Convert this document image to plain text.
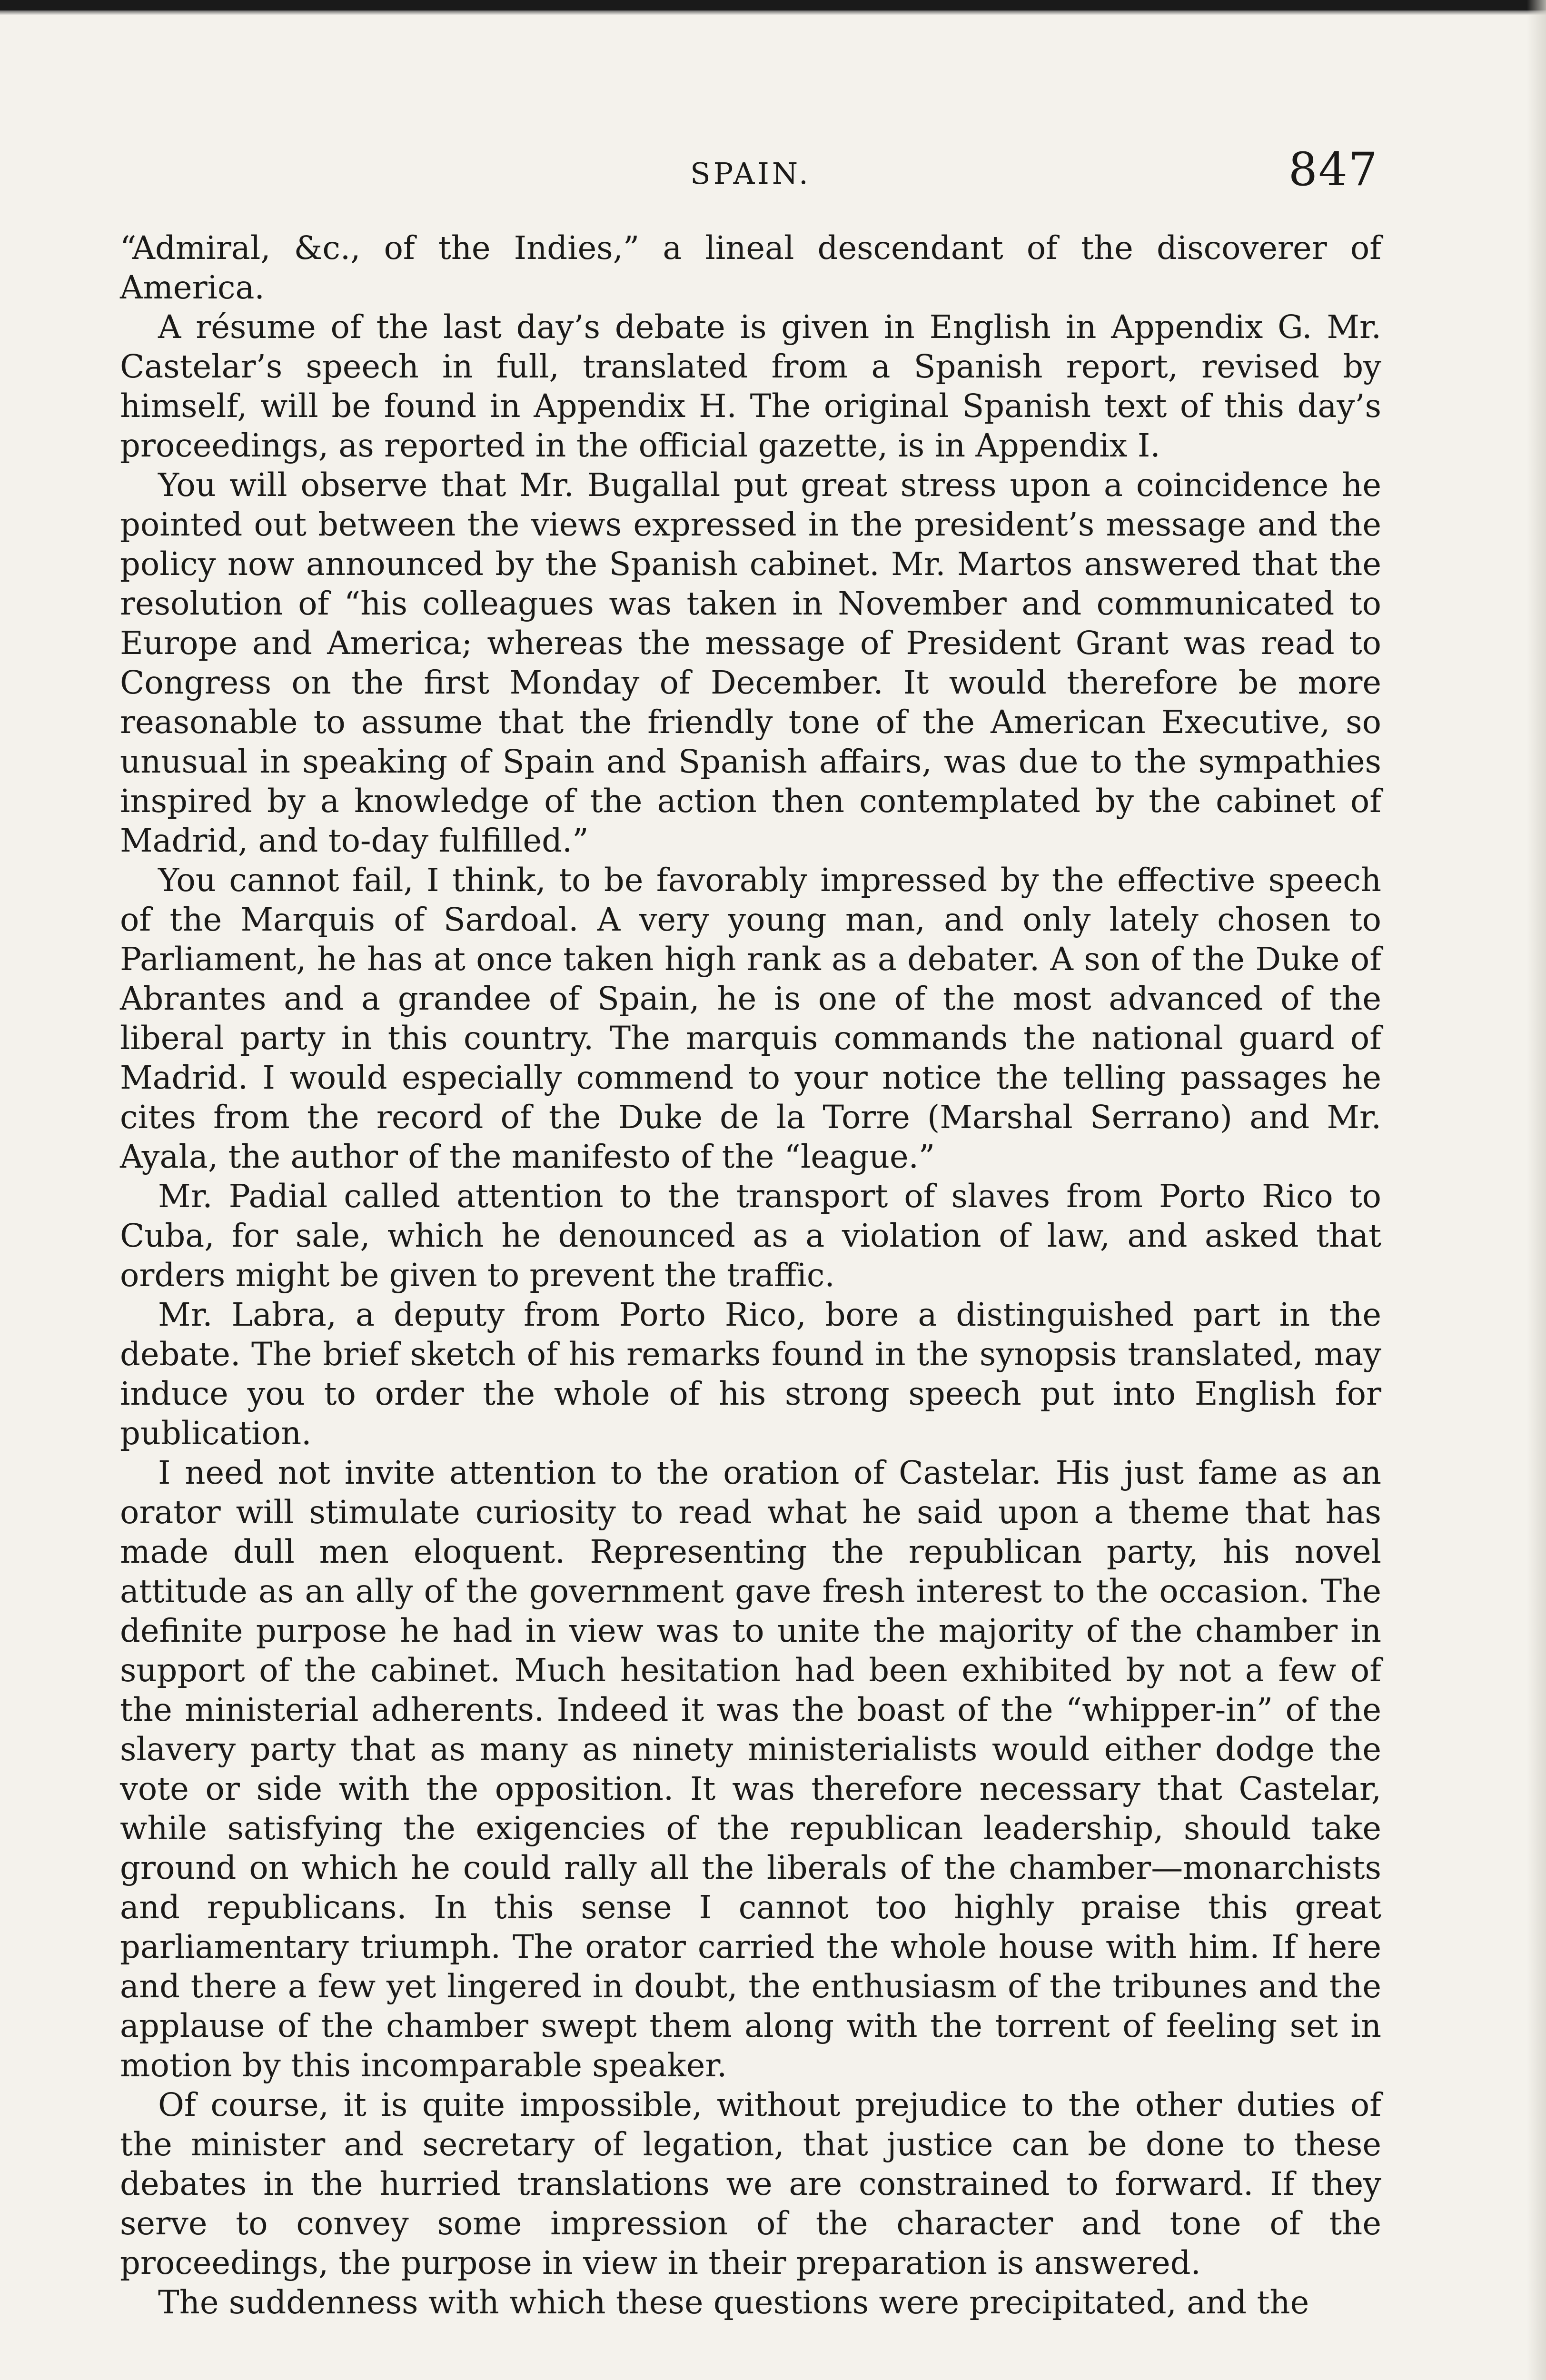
SPAIN.	847

“Admiral, &c., of the Indies,” a lineal descendant of the discoverer of America.

A résume of the last day’s debate is given in English in Appendix G. Mr. Castelar’s speech in full, translated from a Spanish report, revised by himself, will be found in Appendix H. The original Spanish text of this day’s proceedings, as reported in the official gazette, is in Appendix I.

You will observe that Mr. Bugallal put great stress upon a coincidence he pointed out between the views expressed in the president’s message and the policy now announced by the Spanish cabinet. Mr. Martos answered that the resolution of “his colleagues was taken in November and communicated to Europe and America; whereas the message of President Grant was read to Congress on the first Monday of December. It would therefore be more reasonable to assume that the friendly tone of the American Executive, so unusual in speaking of Spain and Spanish affairs, was due to the sympathies inspired by a knowledge of the action then contemplated by the cabinet of Madrid, and to-day fulfilled.”

You cannot fail, I think, to be favorably impressed by the effective speech of the Marquis of Sardoal. A very young man, and only lately chosen to Parliament, he has at once taken high rank as a debater. A son of the Duke of Abrantes and a grandee of Spain, he is one of the most advanced of the liberal party in this country. The marquis commands the national guard of Madrid. I would especially commend to your notice the telling passages he cites from the record of the Duke de la Torre (Marshal Serrano) and Mr. Ayala, the author of the manifesto of the “league.”

Mr. Padial called attention to the transport of slaves from Porto Rico to Cuba, for sale, which he denounced as a violation of law, and asked that orders might be given to prevent the traffic.

Mr. Labra, a deputy from Porto Rico, bore a distinguished part in the debate. The brief sketch of his remarks found in the synopsis translated, may induce you to order the whole of his strong speech put into English for publication.

I need not invite attention to the oration of Castelar. His just fame as an orator will stimulate curiosity to read what he said upon a theme that has made dull men eloquent. Representing the republican party, his novel attitude as an ally of the government gave fresh interest to the occasion. The definite purpose he had in view was to unite the majority of the chamber in support of the cabinet. Much hesitation had been exhibited by not a few of the ministerial adherents. Indeed it was the boast of the “whipper-in” of the slavery party that as many as ninety ministerialists would either dodge the vote or side with the opposition. It was therefore necessary that Castelar, while satisfying the exigencies of the republican leadership, should take ground on which he could rally all the liberals of the chamber—monarchists and republicans. In this sense I cannot too highly praise this great parliamentary triumph. The orator carried the whole house with him. If here and there a few yet lingered in doubt, the enthusiasm of the tribunes and the applause of the chamber swept them along with the torrent of feeling set in motion by this incomparable speaker.

Of course, it is quite impossible, without prejudice to the other duties of the minister and secretary of legation, that justice can be done to these debates in the hurried translations we are constrained to forward. If they serve to convey some impression of the character and tone of the proceedings, the purpose in view in their preparation is answered.

The suddenness with which these questions were precipitated, and the
